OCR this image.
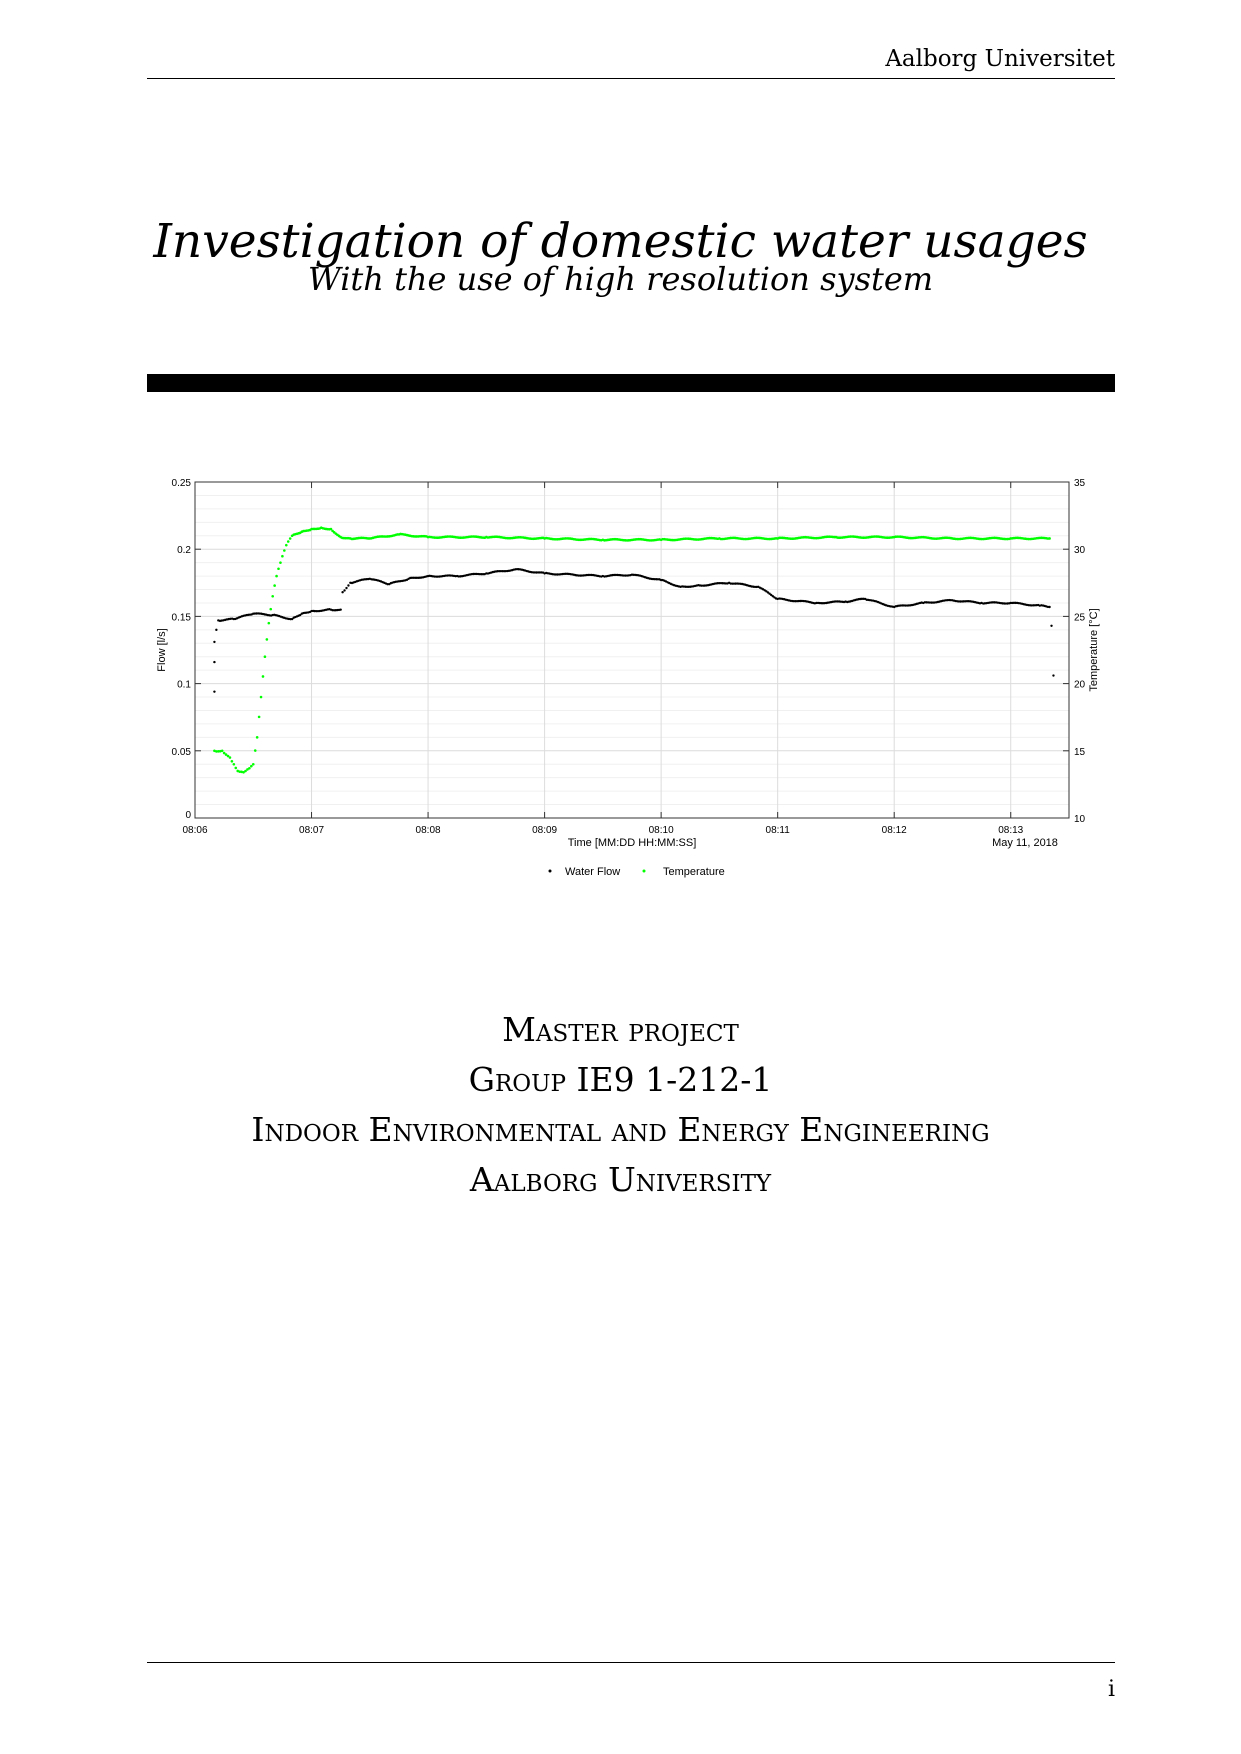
Aalborg Universitet
Investigation of domestic water usages
With the use of high resolution system
08:06	08:07	08:08	08:09	08:10	08:11	08:12	08:13
0
0.05
0.1
0.15
0.2
0.25
10
15
20
25
30
35
Flow [l/s]	Temperature [°C]
Time [MM:DD HH:MM:SS]	May 11, 2018
Water Flow	Temperature
Master project
Group IE9 1-212-1
Indoor Environmental and Energy Engineering
Aalborg University
i
